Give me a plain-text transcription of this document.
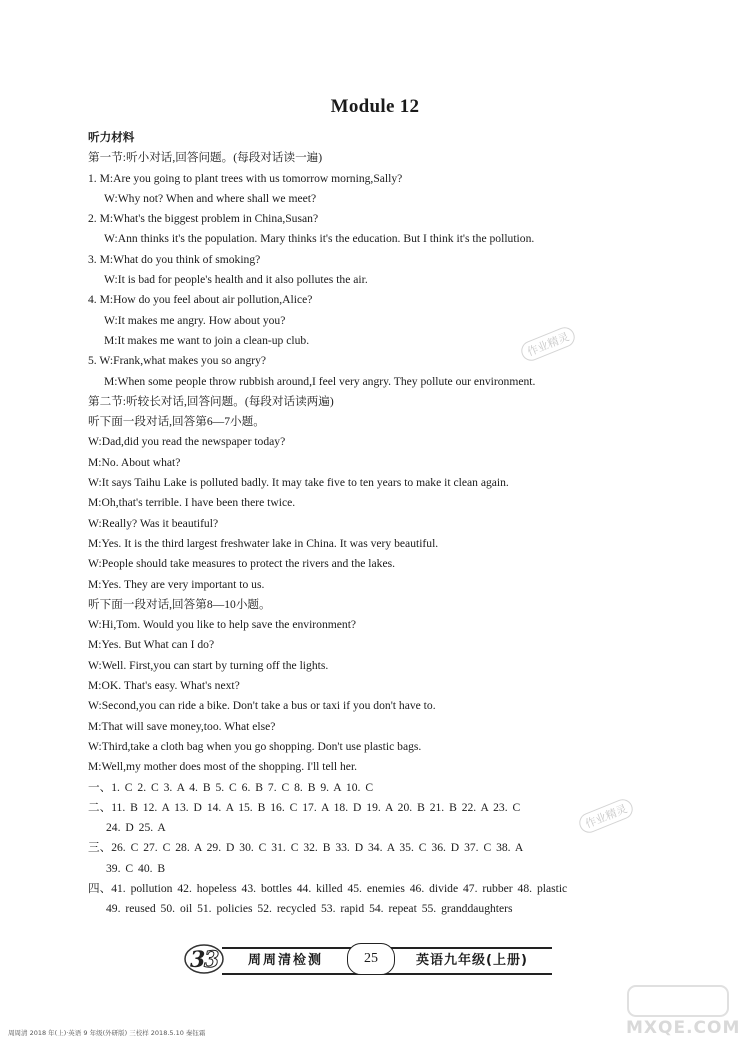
Module 12
听力材料
第一节:听小对话,回答问题。(每段对话读一遍)
1. M:Are you going to plant trees with us tomorrow morning,Sally?
W:Why not? When and where shall we meet?
2. M:What's the biggest problem in China,Susan?
W:Ann thinks it's the population. Mary thinks it's the education. But I think it's the pollution.
3. M:What do you think of smoking?
W:It is bad for people's health and it also pollutes the air.
4. M:How do you feel about air pollution,Alice?
W:It makes me angry. How about you?
M:It makes me want to join a clean-up club.
5. W:Frank,what makes you so angry?
M:When some people throw rubbish around,I feel very angry. They pollute our environment.
第二节:听较长对话,回答问题。(每段对话读两遍)
听下面一段对话,回答第6—7小题。
W:Dad,did you read the newspaper today?
M:No. About what?
W:It says Taihu Lake is polluted badly. It may take five to ten years to make it clean again.
M:Oh,that's terrible. I have been there twice.
W:Really? Was it beautiful?
M:Yes. It is the third largest freshwater lake in China. It was very beautiful.
W:People should take measures to protect the rivers and the lakes.
M:Yes. They are very important to us.
听下面一段对话,回答第8—10小题。
W:Hi,Tom. Would you like to help save the environment?
M:Yes. But What can I do?
W:Well. First,you can start by turning off the lights.
M:OK. That's easy. What's next?
W:Second,you can ride a bike. Don't take a bus or taxi if you don't have to.
M:That will save money,too. What else?
W:Third,take a cloth bag when you go shopping. Don't use plastic bags.
M:Well,my mother does most of the shopping. I'll tell her.
一、1. C 2. C 3. A 4. B 5. C 6. B 7. C 8. B 9. A 10. C
二、11. B 12. A 13. D 14. A 15. B 16. C 17. A 18. D 19. A 20. B 21. B 22. A 23. C
24. D 25. A
三、26. C 27. C 28. A 29. D 30. C 31. C 32. B 33. D 34. A 35. C 36. D 37. C 38. A
39. C 40. B
四、41. pollution 42. hopeless 43. bottles 44. killed 45. enemies 46. divide 47. rubber 48. plastic
49. reused 50. oil 51. policies 52. recycled 53. rapid 54. repeat 55. granddaughters
作业精灵
作业精灵
3
3 周周清检测	25	英语九年级(上册)
周周清 2018 年(上)·英语 9 年级(外研版) 三校样 2018.5.10 秦钰霜	MXQE.COM
